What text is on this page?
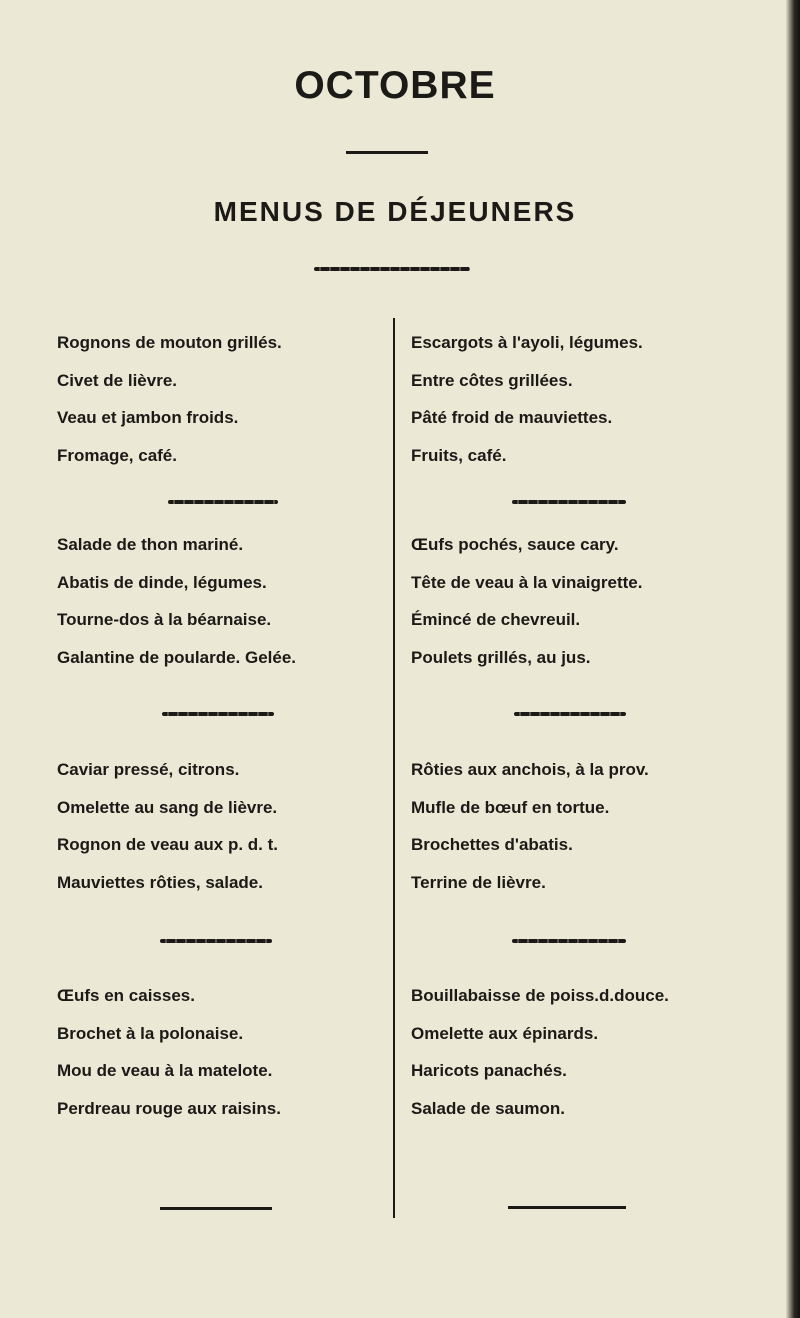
OCTOBRE
MENUS DE DÉJEUNERS
Rognons de mouton grillés.
Civet de lièvre.
Veau et jambon froids.
Fromage, café.
Salade de thon mariné.
Abatis de dinde, légumes.
Tourne-dos à la béarnaise.
Galantine de poularde. Gelée.
Caviar pressé, citrons.
Omelette au sang de lièvre.
Rognon de veau aux p. d. t.
Mauviettes rôties, salade.
Œufs en caisses.
Brochet à la polonaise.
Mou de veau à la matelote.
Perdreau rouge aux raisins.
Escargots à l'ayoli, légumes.
Entre côtes grillées.
Pâté froid de mauviettes.
Fruits, café.
Œufs pochés, sauce cary.
Tête de veau à la vinaigrette.
Émincé de chevreuil.
Poulets grillés, au jus.
Rôties aux anchois, à la prov.
Mufle de bœuf en tortue.
Brochettes d'abatis.
Terrine de lièvre.
Bouillabaisse de poiss.d.douce.
Omelette aux épinards.
Haricots panachés.
Salade de saumon.
